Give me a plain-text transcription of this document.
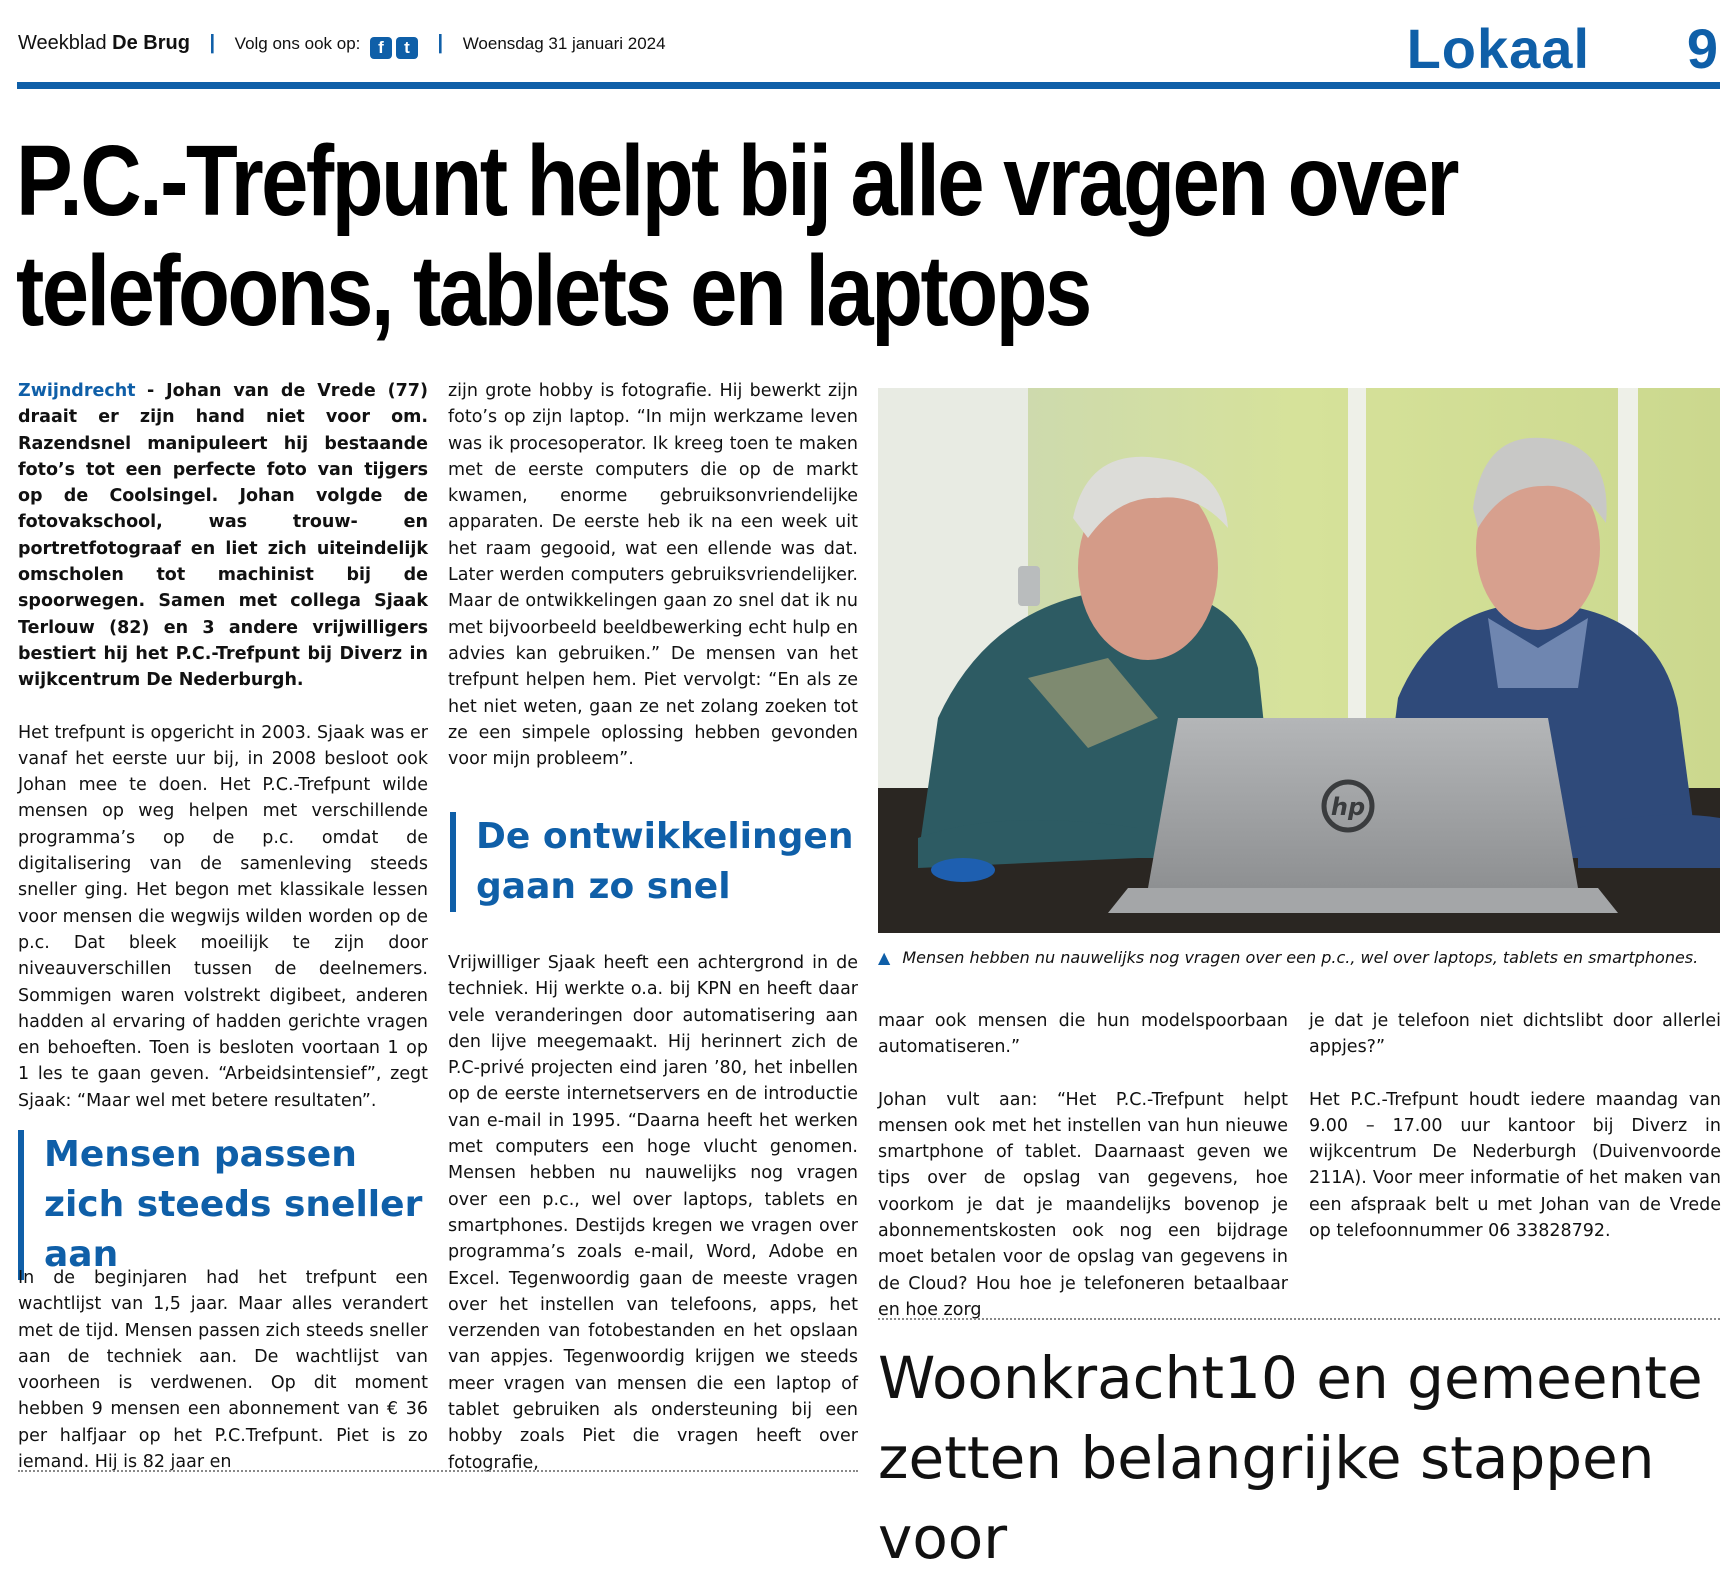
Weekblad De Brug | Volg ons ook op: f t | Woensdag 31 januari 2024	Lokaal 9
P.C.-Trefpunt helpt bij alle vragen over telefoons, tablets en laptops

Zwijndrecht - Johan van de Vrede (77) draait er zijn hand niet voor om. Razendsnel manipuleert hij bestaande foto’s tot een perfecte foto van tijgers op de Coolsingel. Johan volgde de fotovakschool, was trouw- en portretfotograaf en liet zich uiteindelijk omscholen tot machinist bij de spoorwegen. Samen met collega Sjaak Terlouw (82) en 3 andere vrijwilligers bestiert hij het P.C.-Trefpunt bij Diverz in wijkcentrum De Nederburgh.

Het trefpunt is opgericht in 2003. Sjaak was er vanaf het eerste uur bij, in 2008 besloot ook Johan mee te doen. Het P.C.-Trefpunt wilde mensen op weg helpen met verschillende programma’s op de p.c. omdat de digitalisering van de samenleving steeds sneller ging. Het begon met klassikale lessen voor mensen die wegwijs wilden worden op de p.c. Dat bleek moeilijk te zijn door niveauverschillen tussen de deelnemers. Sommigen waren volstrekt digibeet, anderen hadden al ervaring of hadden gerichte vragen en behoeften. Toen is besloten voortaan 1 op 1 les te gaan geven. “Arbeidsintensief”, zegt Sjaak: “Maar wel met betere resultaten”.

Mensen passen zich steeds sneller aan

In de beginjaren had het trefpunt een wachtlijst van 1,5 jaar. Maar alles verandert met de tijd. Mensen passen zich steeds sneller aan de techniek aan. De wachtlijst van voorheen is verdwenen. Op dit moment hebben 9 mensen een abonnement van € 36 per halfjaar op het P.C.Trefpunt. Piet is zo iemand. Hij is 82 jaar en

zijn grote hobby is fotografie. Hij bewerkt zijn foto’s op zijn laptop. “In mijn werkzame leven was ik procesoperator. Ik kreeg toen te maken met de eerste computers die op de markt kwamen, enorme gebruiksonvriendelijke apparaten. De eerste heb ik na een week uit het raam gegooid, wat een ellende was dat. Later werden computers gebruiksvriendelijker. Maar de ontwikkelingen gaan zo snel dat ik nu met bijvoorbeeld beeldbewerking echt hulp en advies kan gebruiken.” De mensen van het trefpunt helpen hem. Piet vervolgt: “En als ze het niet weten, gaan ze net zolang zoeken tot ze een simpele oplossing hebben gevonden voor mijn probleem”.

De ontwikkelingen gaan zo snel

Vrijwilliger Sjaak heeft een achtergrond in de techniek. Hij werkte o.a. bij KPN en heeft daar vele veranderingen door automatisering aan den lijve meegemaakt. Hij herinnert zich de P.C-privé projecten eind jaren ’80, het inbellen op de eerste internetservers en de introductie van e-mail in 1995. “Daarna heeft het werken met computers een hoge vlucht genomen. Mensen hebben nu nauwelijks nog vragen over een p.c., wel over laptops, tablets en smartphones. Destijds kregen we vragen over programma’s zoals e-mail, Word, Adobe en Excel. Tegenwoordig gaan de meeste vragen over het instellen van telefoons, apps, het verzenden van fotobestanden en het opslaan van appjes. Tegenwoordig krijgen we steeds meer vragen van mensen die een laptop of tablet gebruiken als ondersteuning bij een hobby zoals Piet die vragen heeft over fotografie,

hp
▲ Mensen hebben nu nauwelijks nog vragen over een p.c., wel over laptops, tablets en smartphones.

maar ook mensen die hun modelspoorbaan automatiseren.”

Johan vult aan: “Het P.C.-Trefpunt helpt mensen ook met het instellen van hun nieuwe smartphone of tablet. Daarnaast geven we tips over de opslag van gegevens, hoe voorkom je dat je maandelijks bovenop je abonnementskosten ook nog een bijdrage moet betalen voor de opslag van gegevens in de Cloud? Hou hoe je telefoneren betaalbaar en hoe zorg

je dat je telefoon niet dichtslibt door allerlei appjes?”

Het P.C.-Trefpunt houdt iedere maandag van 9.00 – 17.00 uur kantoor bij Diverz in wijkcentrum De Nederburgh (Duivenvoorde 211A). Voor meer informatie of het maken van een afspraak belt u met Johan van de Vrede op telefoonnummer 06 33828792.

Woonkracht10 en gemeente zetten belangrijke stappen voor
